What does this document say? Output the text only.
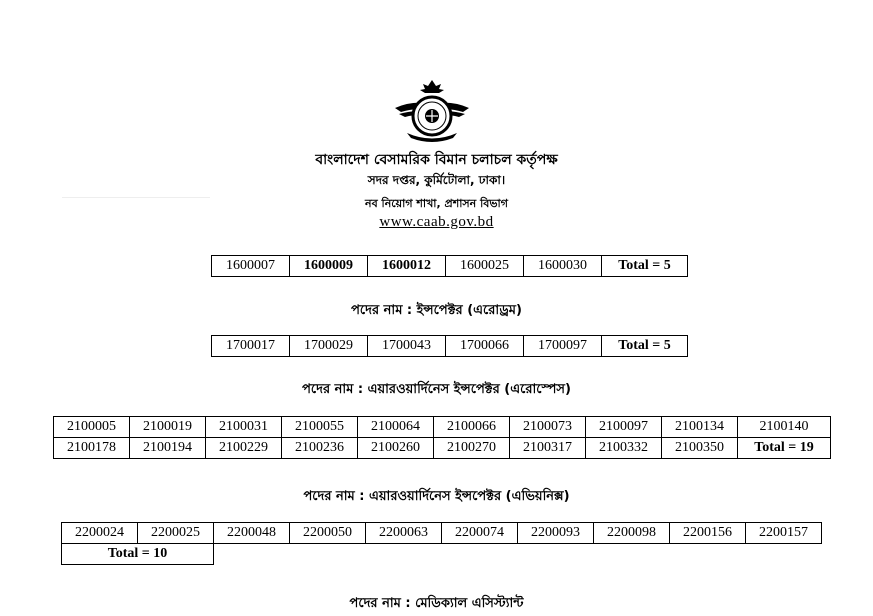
বাংলাদেশ বেসামরিক বিমান চলাচল কর্তৃপক্ষ
সদর দপ্তর, কুর্মিটোলা, ঢাকা।
নব নিয়োগ শাখা, প্রশাসন বিভাগ
www.caab.gov.bd
1600007	1600009	1600012	1600025	1600030	Total = 5
পদের নাম : ইন্সপেক্টর (এরোড্রম)
1700017	1700029	1700043	1700066	1700097	Total = 5
পদের নাম : এয়ারওয়ার্দিনেস ইন্সপেক্টর (এরোস্পেস)
2100005	2100019	2100031	2100055	2100064	2100066	2100073	2100097	2100134	2100140
2100178	2100194	2100229	2100236	2100260	2100270	2100317	2100332	2100350	Total = 19
পদের নাম : এয়ারওয়ার্দিনেস ইন্সপেক্টর (এভিয়নিক্স)
2200024	2200025	2200048	2200050	2200063	2200074	2200093	2200098	2200156	2200157
Total = 10									
পদের নাম : মেডিক্যাল এসিস্ট্যান্ট
